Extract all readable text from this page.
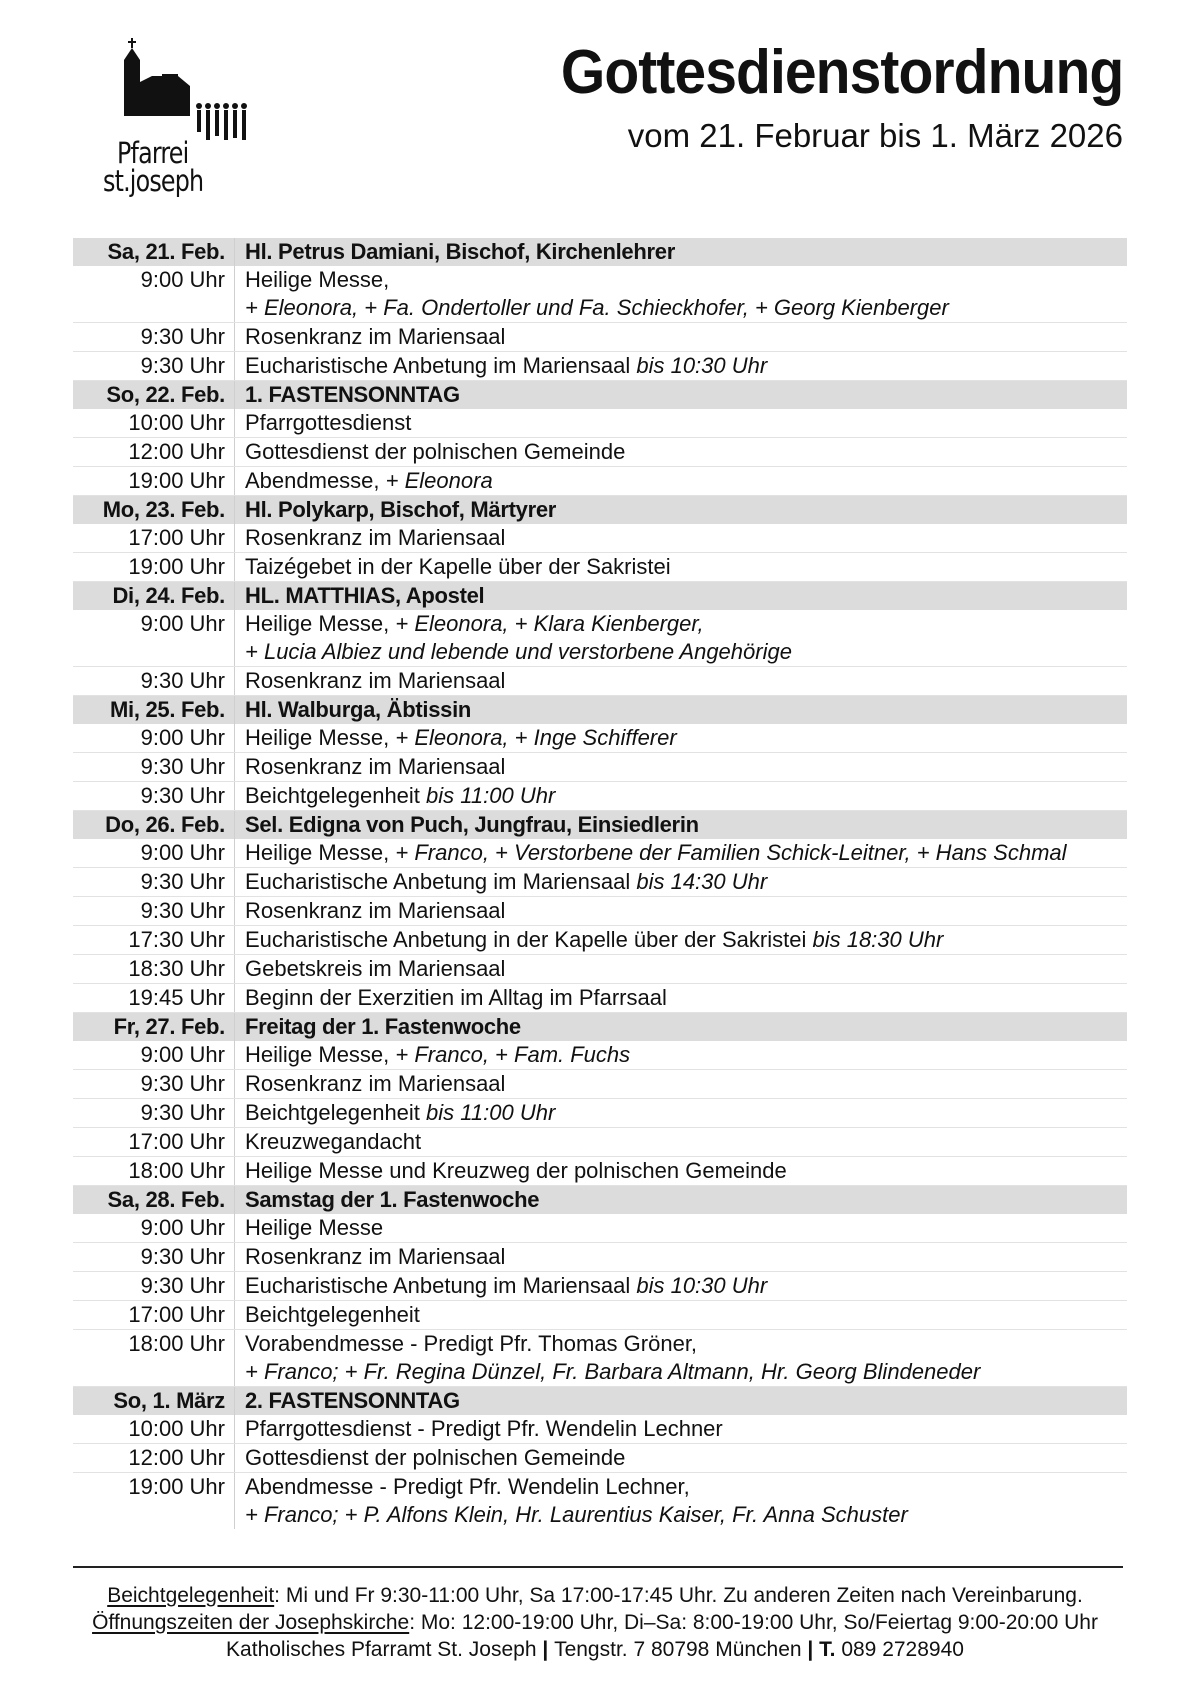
Pfarrei
st.joseph
Gottesdienstordnung

vom 21. Februar bis 1. März 2026

Sa, 21. Feb.	Hl. Petrus Damiani, Bischof, Kirchenlehrer
9:00 Uhr	Heilige Messe,
+ Eleonora, + Fa. Ondertoller und Fa. Schieckhofer, + Georg Kienberger

9:30 Uhr	Rosenkranz im Mariensaal

9:30 Uhr	Eucharistische Anbetung im Mariensaal bis 10:30 Uhr

So, 22. Feb.	1. FASTENSONNTAG
10:00 Uhr	Pfarrgottesdienst

12:00 Uhr	Gottesdienst der polnischen Gemeinde

19:00 Uhr	Abendmesse, + Eleonora

Mo, 23. Feb.	Hl. Polykarp, Bischof, Märtyrer
17:00 Uhr	Rosenkranz im Mariensaal

19:00 Uhr	Taizégebet in der Kapelle über der Sakristei

Di, 24. Feb.	HL. MATTHIAS, Apostel
9:00 Uhr	Heilige Messe, + Eleonora, + Klara Kienberger,
+ Lucia Albiez und lebende und verstorbene Angehörige

9:30 Uhr	Rosenkranz im Mariensaal

Mi, 25. Feb.	Hl. Walburga, Äbtissin
9:00 Uhr	Heilige Messe, + Eleonora, + Inge Schifferer

9:30 Uhr	Rosenkranz im Mariensaal

9:30 Uhr	Beichtgelegenheit bis 11:00 Uhr

Do, 26. Feb.	Sel. Edigna von Puch, Jungfrau, Einsiedlerin
9:00 Uhr	Heilige Messe, + Franco, + Verstorbene der Familien Schick-Leitner, + Hans Schmal

9:30 Uhr	Eucharistische Anbetung im Mariensaal bis 14:30 Uhr

9:30 Uhr	Rosenkranz im Mariensaal

17:30 Uhr	Eucharistische Anbetung in der Kapelle über der Sakristei bis 18:30 Uhr

18:30 Uhr	Gebetskreis im Mariensaal

19:45 Uhr	Beginn der Exerzitien im Alltag im Pfarrsaal

Fr, 27. Feb.	Freitag der 1. Fastenwoche
9:00 Uhr	Heilige Messe, + Franco, + Fam. Fuchs

9:30 Uhr	Rosenkranz im Mariensaal

9:30 Uhr	Beichtgelegenheit bis 11:00 Uhr

17:00 Uhr	Kreuzwegandacht

18:00 Uhr	Heilige Messe und Kreuzweg der polnischen Gemeinde

Sa, 28. Feb.	Samstag der 1. Fastenwoche
9:00 Uhr	Heilige Messe

9:30 Uhr	Rosenkranz im Mariensaal

9:30 Uhr	Eucharistische Anbetung im Mariensaal bis 10:30 Uhr

17:00 Uhr	Beichtgelegenheit

18:00 Uhr	Vorabendmesse - Predigt Pfr. Thomas Gröner,
+ Franco; + Fr. Regina Dünzel, Fr. Barbara Altmann, Hr. Georg Blindeneder

So, 1. März	2. FASTENSONNTAG
10:00 Uhr	Pfarrgottesdienst - Predigt Pfr. Wendelin Lechner

12:00 Uhr	Gottesdienst der polnischen Gemeinde

19:00 Uhr	Abendmesse - Predigt Pfr. Wendelin Lechner,
+ Franco; + P. Alfons Klein, Hr. Laurentius Kaiser, Fr. Anna Schuster
Beichtgelegenheit: Mi und Fr 9:30-11:00 Uhr, Sa 17:00-17:45 Uhr. Zu anderen Zeiten nach Vereinbarung.
Öffnungszeiten der Josephskirche: Mo: 12:00-19:00 Uhr, Di–Sa: 8:00-19:00 Uhr, So/Feiertag 9:00-20:00 Uhr
Katholisches Pfarramt St. Joseph | Tengstr. 7 80798 München | T. 089 2728940
